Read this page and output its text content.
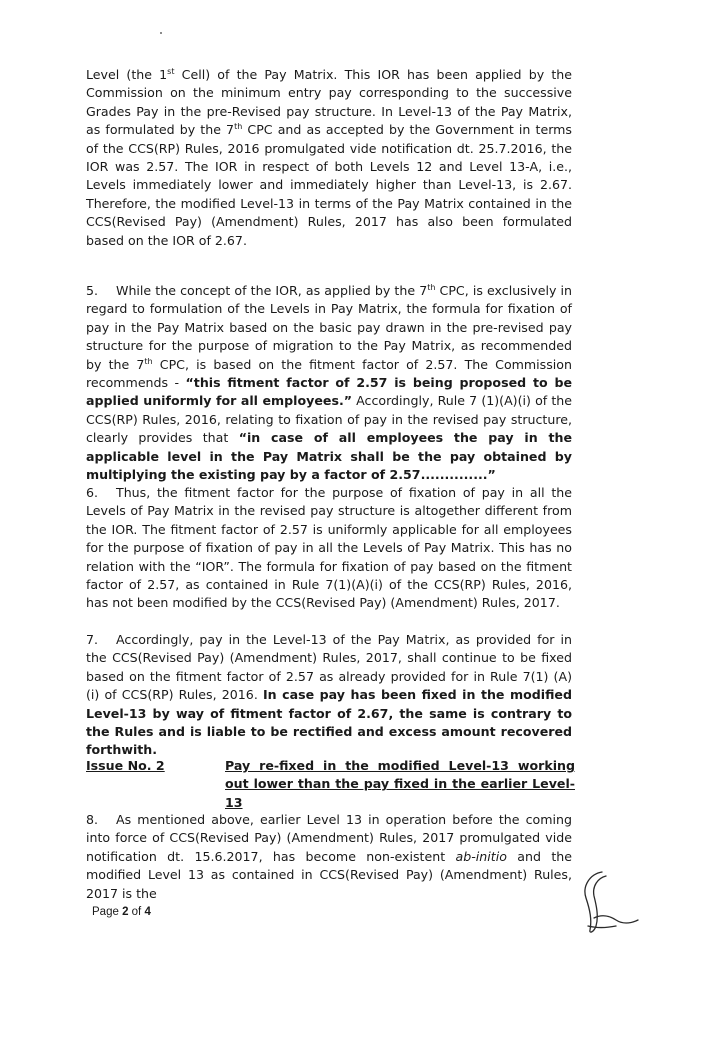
Level (the 1st Cell) of the Pay Matrix. This IOR has been applied by the Commission on the minimum entry pay corresponding to the successive Grades Pay in the pre-Revised pay structure. In Level-13 of the Pay Matrix, as formulated by the 7th CPC and as accepted by the Government in terms of the CCS(RP) Rules, 2016 promulgated vide notification dt. 25.7.2016, the IOR was 2.57. The IOR in respect of both Levels 12 and Level 13-A, i.e., Levels immediately lower and immediately higher than Level-13, is 2.67. Therefore, the modified Level-13 in terms of the Pay Matrix contained in the CCS(Revised Pay) (Amendment) Rules, 2017 has also been formulated based on the IOR of 2.67.

5. While the concept of the IOR, as applied by the 7th CPC, is exclusively in regard to formulation of the Levels in Pay Matrix, the formula for fixation of pay in the Pay Matrix based on the basic pay drawn in the pre-revised pay structure for the purpose of migration to the Pay Matrix, as recommended by the 7th CPC, is based on the fitment factor of 2.57. The Commission recommends - “this fitment factor of 2.57 is being proposed to be applied uniformly for all employees.” Accordingly, Rule 7 (1)(A)(i) of the CCS(RP) Rules, 2016, relating to fixation of pay in the revised pay structure, clearly provides that “in case of all employees the pay in the applicable level in the Pay Matrix shall be the pay obtained by multiplying the existing pay by a factor of 2.57..............”

6. Thus, the fitment factor for the purpose of fixation of pay in all the Levels of Pay Matrix in the revised pay structure is altogether different from the IOR. The fitment factor of 2.57 is uniformly applicable for all employees for the purpose of fixation of pay in all the Levels of Pay Matrix. This has no relation with the “IOR”. The formula for fixation of pay based on the fitment factor of 2.57, as contained in Rule 7(1)(A)(i) of the CCS(RP) Rules, 2016, has not been modified by the CCS(Revised Pay) (Amendment) Rules, 2017.

7. Accordingly, pay in the Level-13 of the Pay Matrix, as provided for in the CCS(Revised Pay) (Amendment) Rules, 2017, shall continue to be fixed based on the fitment factor of 2.57 as already provided for in Rule 7(1) (A) (i) of CCS(RP) Rules, 2016. In case pay has been fixed in the modified Level-13 by way of fitment factor of 2.67, the same is contrary to the Rules and is liable to be rectified and excess amount recovered forthwith.

Issue No. 2	Pay re-fixed in the modified Level-13 working out lower than the pay fixed in the earlier Level-13

8. As mentioned above, earlier Level 13 in operation before the coming into force of CCS(Revised Pay) (Amendment) Rules, 2017 promulgated vide notification dt. 15.6.2017, has become non-existent ab-initio and the modified Level 13 as contained in CCS(Revised Pay) (Amendment) Rules, 2017 is the

Page 2 of 4
